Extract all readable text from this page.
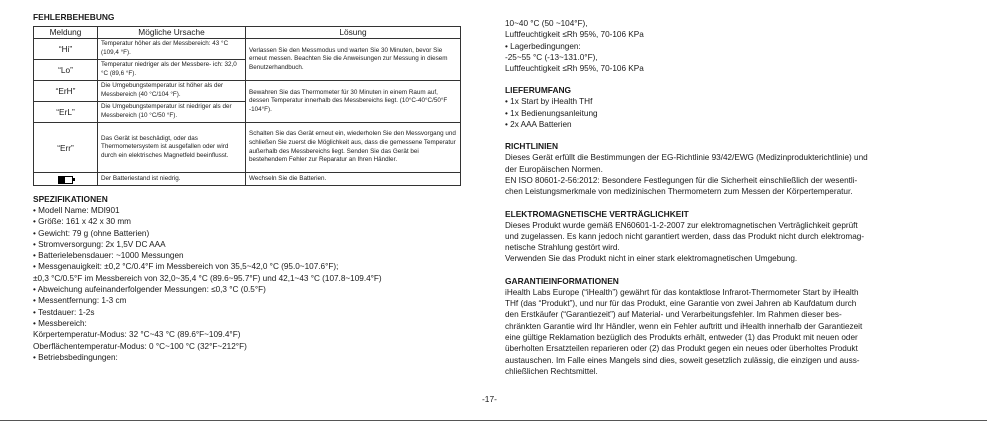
FEHLERBEHEBUNG

Meldung	Mögliche Ursache	Lösung
“Hi”	Temperatur höher als der Messbereich: 43 °C (109,4 °F).	Verlassen Sie den Messmodus und warten Sie 30 Minuten, bevor Sie erneut messen. Beachten Sie die Anweisungen zur Messung in diesem Benutzerhandbuch.
“Lo”	Temperatur niedriger als der Messbere- ich: 32,0 °C (89,6 °F).	
“ErH”	Die Umgebungstemperatur ist höher als der Messbereich (40 °C/104 °F).	Bewahren Sie das Thermometer für 30 Minuten in einem Raum auf, dessen Temperatur innerhalb des Messbereichs liegt. (10°C-40°C/50°F -104°F).
“ErL”	Die Umgebungstemperatur ist niedriger als der Messbereich (10 °C/50 °F).	
“Err”	Das Gerät ist beschädigt, oder das Thermometersystem ist ausgefallen oder wird durch ein elektrisches Magnetfeld beeinflusst.	Schalten Sie das Gerät erneut ein, wiederholen Sie den Messvorgang und schließen Sie zuerst die Möglichkeit aus, dass die gemessene Temperatur außerhalb des Messbereichs liegt. Senden Sie das Gerät bei bestehendem Fehler zur Reparatur an Ihren Händler.
	Der Batteriestand ist niedrig.	Wechseln Sie die Batterien.

SPEZIFIKATIONEN

• Modell Name: MDI901

• Größe: 161 x 42 x 30 mm

• Gewicht: 79 g (ohne Batterien)

• Stromversorgung: 2x 1,5V DC AAA

• Batterielebensdauer: ~1000 Messungen

• Messgenauigkeit: ±0,2 °C/0.4°F im Messbereich von 35,5~42,0 °C (95.0~107.6°F);

±0,3 °C/0.5°F im Messbereich von 32,0~35,4 °C (89.6~95.7°F) und 42,1~43 °C (107.8~109.4°F)

• Abweichung aufeinanderfolgender Messungen: ≤0,3 °C (0.5°F)

• Messentfernung: 1-3 cm

• Testdauer: 1-2s

• Messbereich:

Körpertemperatur-Modus: 32 °C~43 °C (89.6°F~109.4°F)

Oberflächentemperatur-Modus: 0 °C~100 °C (32°F~212°F)

• Betriebsbedingungen:

10~40 °C (50 ~104°F),

Luftfeuchtigkeit ≤Rh 95%, 70-106 KPa

• Lagerbedingungen:

-25~55 °C (-13~131.0°F),

Luftfeuchtigkeit ≤Rh 95%, 70-106 KPa

LIEFERUMFANG

• 1x Start by iHealth THf

• 1x Bedienungsanleitung

• 2x AAA Batterien

RICHTLINIEN

Dieses Gerät erfüllt die Bestimmungen der EG-Richtlinie 93/42/EWG (Medizinprodukterichtlinie) und

der Europäischen Normen.

EN ISO 80601-2-56:2012: Besondere Festlegungen für die Sicherheit einschließlich der wesentli-

chen Leistungsmerkmale von medizinischen Thermometern zum Messen der Körpertemperatur.

ELEKTROMAGNETISCHE VERTRÄGLICHKEIT

Dieses Produkt wurde gemäß EN60601-1-2-2007 zur elektromagnetischen Verträglichkeit geprüft

und zugelassen. Es kann jedoch nicht garantiert werden, dass das Produkt nicht durch elektromag-

netische Strahlung gestört wird.

Verwenden Sie das Produkt nicht in einer stark elektromagnetischen Umgebung.

GARANTIEINFORMATIONEN

iHealth Labs Europe (“iHealth”) gewährt für das kontaktlose Infrarot-Thermometer Start by iHealth

THf (das “Produkt”), und nur für das Produkt, eine Garantie von zwei Jahren ab Kaufdatum durch

den Erstkäufer (“Garantiezeit”) auf Material- und Verarbeitungsfehler. Im Rahmen dieser bes-

chränkten Garantie wird Ihr Händler, wenn ein Fehler auftritt und iHealth innerhalb der Garantiezeit

eine gültige Reklamation bezüglich des Produkts erhält, entweder (1) das Produkt mit neuen oder

überholten Ersatzteilen reparieren oder (2) das Produkt gegen ein neues oder überholtes Produkt

austauschen. Im Falle eines Mangels sind dies, soweit gesetzlich zulässig, die einzigen und auss-

chließlichen Rechtsmittel.

-17-
